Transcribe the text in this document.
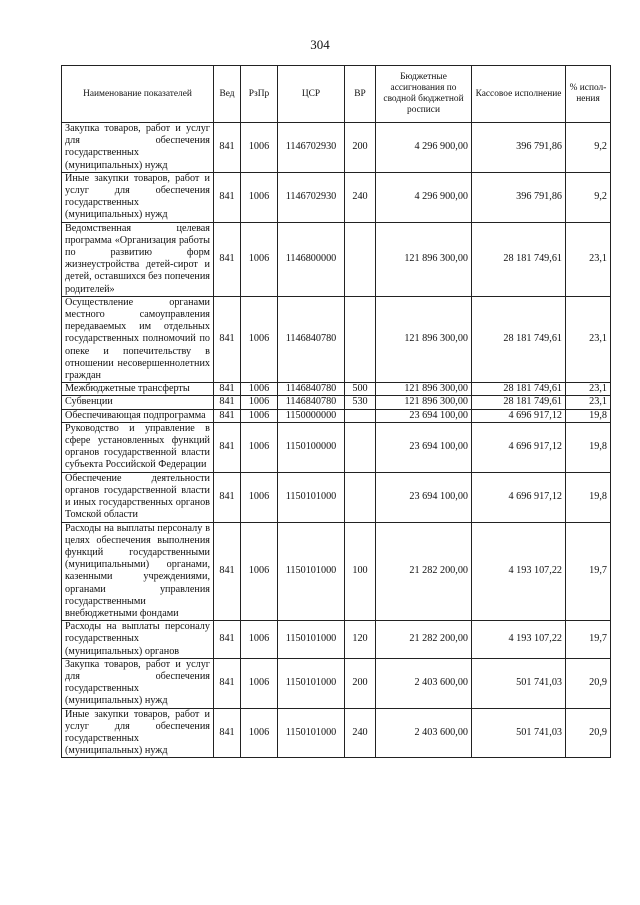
304
Наименование показателей	Вед	РзПр	ЦСР	ВР	Бюджетные ассигнования по сводной бюджетной росписи	Кассовое исполнение	% испол-нения
Закупка товаров, работ и услуг для обеспечения государственных (муниципальных) нужд	841	1006	1146702930	200	4 296 900,00	396 791,86	9,2
Иные закупки товаров, работ и услуг для обеспечения государственных (муниципальных) нужд	841	1006	1146702930	240	4 296 900,00	396 791,86	9,2
Ведомственная целевая программа «Организация работы по развитию форм жизнеустройства детей-сирот и детей, оставшихся без попечения родителей»	841	1006	1146800000		121 896 300,00	28 181 749,61	23,1
Осуществление органами местного самоуправления передаваемых им отдельных государственных полномочий по опеке и попечительству в отношении несовершеннолетних граждан	841	1006	1146840780		121 896 300,00	28 181 749,61	23,1
Межбюджетные трансферты	841	1006	1146840780	500	121 896 300,00	28 181 749,61	23,1
Субвенции	841	1006	1146840780	530	121 896 300,00	28 181 749,61	23,1
Обеспечивающая подпрограмма	841	1006	1150000000		23 694 100,00	4 696 917,12	19,8
Руководство и управление в сфере установленных функций органов государственной власти субъекта Российской Федерации	841	1006	1150100000		23 694 100,00	4 696 917,12	19,8
Обеспечение деятельности органов государственной власти и иных государственных органов Томской области	841	1006	1150101000		23 694 100,00	4 696 917,12	19,8
Расходы на выплаты персоналу в целях обеспечения выполнения функций государственными (муниципальными) органами, казенными учреждениями, органами управления государственными внебюджетными фондами	841	1006	1150101000	100	21 282 200,00	4 193 107,22	19,7
Расходы на выплаты персоналу государственных (муниципальных) органов	841	1006	1150101000	120	21 282 200,00	4 193 107,22	19,7
Закупка товаров, работ и услуг для обеспечения государственных (муниципальных) нужд	841	1006	1150101000	200	2 403 600,00	501 741,03	20,9
Иные закупки товаров, работ и услуг для обеспечения государственных (муниципальных) нужд	841	1006	1150101000	240	2 403 600,00	501 741,03	20,9
